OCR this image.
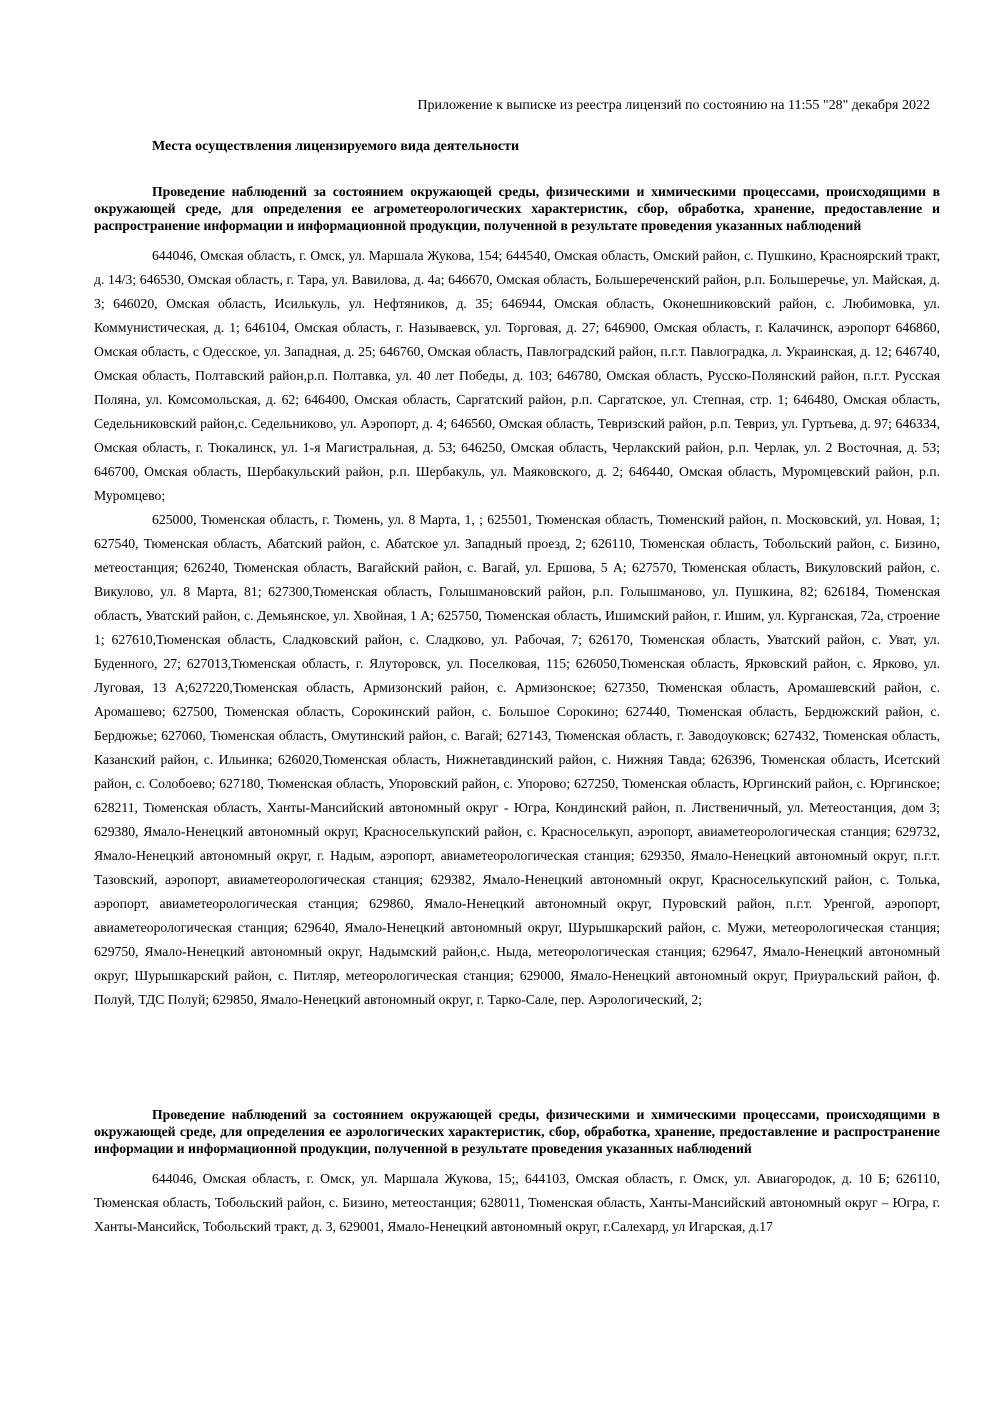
Приложение к выписке из реестра лицензий по состоянию на 11:55 "28" декабря 2022
Места осуществления лицензируемого вида деятельности

Проведение наблюдений за состоянием окружающей среды, физическими и химическими процессами, происходящими в окружающей среде, для определения ее агрометеорологических характеристик, сбор, обработка, хранение, предоставление и распространение информации и информационной продукции, полученной в результате проведения указанных наблюдений

644046, Омская область, г. Омск, ул. Маршала Жукова, 154; 644540, Омская область, Омский район, с. Пушкино, Красноярский тракт, д. 14/3; 646530, Омская область, г. Тара, ул. Вавилова, д. 4а; 646670, Омская область, Большереченский район, р.п. Большеречье, ул. Майская, д. 3; 646020, Омская область, Исилькуль, ул. Нефтяников, д. 35; 646944, Омская область, Оконешниковский район, с. Любимовка, ул. Коммунистическая, д. 1; 646104, Омская область, г. Называевск, ул. Торговая, д. 27; 646900, Омская область, г. Калачинск, аэропорт 646860, Омская область, с Одесское, ул. Западная, д. 25; 646760, Омская область, Павлоградский район, п.г.т. Павлоградка, л. Украинская, д. 12; 646740, Омская область, Полтавский район,р.п. Полтавка, ул. 40 лет Победы, д. 103; 646780, Омская область, Русско-Полянский район, п.г.т. Русская Поляна, ул. Комсомольская, д. 62; 646400, Омская область, Саргатский район, р.п. Саргатское, ул. Степная, стр. 1; 646480, Омская область, Седельниковский район,с. Седельниково, ул. Аэропорт, д. 4; 646560, Омская область, Тевризский район, р.п. Тевриз, ул. Гуртьева, д. 97; 646334, Омская область, г. Тюкалинск, ул. 1-я Магистральная, д. 53; 646250, Омская область, Черлакский район, р.п. Черлак, ул. 2 Восточная, д. 53; 646700, Омская область, Шербакульский район, р.п. Шербакуль, ул. Маяковского, д. 2; 646440, Омская область, Муромцевский район, р.п. Муромцево;

625000, Тюменская область, г. Тюмень, ул. 8 Марта, 1, ; 625501, Тюменская область, Тюменский район, п. Московский, ул. Новая, 1; 627540, Тюменская область, Абатский район, с. Абатское ул. Западный проезд, 2; 626110, Тюменская область, Тобольский район, с. Бизино, метеостанция; 626240, Тюменская область, Вагайский район, с. Вагай, ул. Ершова, 5 А; 627570, Тюменская область, Викуловский район, с. Викулово, ул. 8 Марта, 81; 627300,Тюменская область, Голышмановский район, р.п. Голышманово, ул. Пушкина, 82; 626184, Тюменская область, Уватский район, с. Демьянское, ул. Хвойная, 1 А; 625750, Тюменская область, Ишимский район, г. Ишим, ул. Курганская, 72а, строение 1; 627610,Тюменская область, Сладковский район, с. Сладково, ул. Рабочая, 7; 626170, Тюменская область, Уватский район, с. Уват, ул. Буденного, 27; 627013,Тюменская область, г. Ялуторовск, ул. Поселковая, 115; 626050,Тюменская область, Ярковский район, с. Ярково, ул. Луговая, 13 А;627220,Тюменская область, Армизонский район, с. Армизонское; 627350, Тюменская область, Аромашевский район, с. Аромашево; 627500, Тюменская область, Сорокинский район, с. Большое Сорокино; 627440, Тюменская область, Бердюжский район, с. Бердюжье; 627060, Тюменская область, Омутинский район, с. Вагай; 627143, Тюменская область, г. Заводоуковск; 627432, Тюменская область, Казанский район, с. Ильинка; 626020,Тюменская область, Нижнетавдинский район, с. Нижняя Тавда; 626396, Тюменская область, Исетский район, с. Солобоево; 627180, Тюменская область, Упоровский район, с. Упорово; 627250, Тюменская область, Юргинский район, с. Юргинское; 628211, Тюменская область, Ханты-Мансийский автономный округ - Югра, Кондинский район, п. Лиственичный, ул. Метеостанция, дом 3; 629380, Ямало-Ненецкий автономный округ, Красноселькупский район, с. Красноселькуп, аэропорт, авиаметеорологическая станция; 629732, Ямало-Ненецкий автономный округ, г. Надым, аэропорт, авиаметеорологическая станция; 629350, Ямало-Ненецкий автономный округ, п.г.т. Тазовский, аэропорт, авиаметеорологическая станция; 629382, Ямало-Ненецкий автономный округ, Красноселькупский район, с. Толька, аэропорт, авиаметеорологическая станция; 629860, Ямало-Ненецкий автономный округ, Пуровский район, п.г.т. Уренгой, аэропорт, авиаметеорологическая станция; 629640, Ямало-Ненецкий автономный округ, Шурышкарский район, с. Мужи, метеорологическая станция; 629750, Ямало-Ненецкий автономный округ, Надымский район,с. Ныда, метеорологическая станция; 629647, Ямало-Ненецкий автономный округ, Шурышкарский район, с. Питляр, метеорологическая станция; 629000, Ямало-Ненецкий автономный округ, Приуральский район, ф. Полуй, ТДС Полуй; 629850, Ямало-Ненецкий автономный округ, г. Тарко-Сале, пер. Аэрологический, 2;

Проведение наблюдений за состоянием окружающей среды, физическими и химическими процессами, происходящими в окружающей среде, для определения ее аэрологических характеристик, сбор, обработка, хранение, предоставление и распространение информации и информационной продукции, полученной в результате проведения указанных наблюдений

644046, Омская область, г. Омск, ул. Маршала Жукова, 15;, 644103, Омская область, г. Омск, ул. Авиагородок, д. 10 Б; 626110, Тюменская область, Тобольский район, с. Бизино, метеостанция; 628011, Тюменская область, Ханты-Мансийский автономный округ – Югра, г. Ханты-Мансийск, Тобольский тракт, д. 3, 629001, Ямало-Ненецкий автономный округ, г.Салехард, ул Игарская, д.17
